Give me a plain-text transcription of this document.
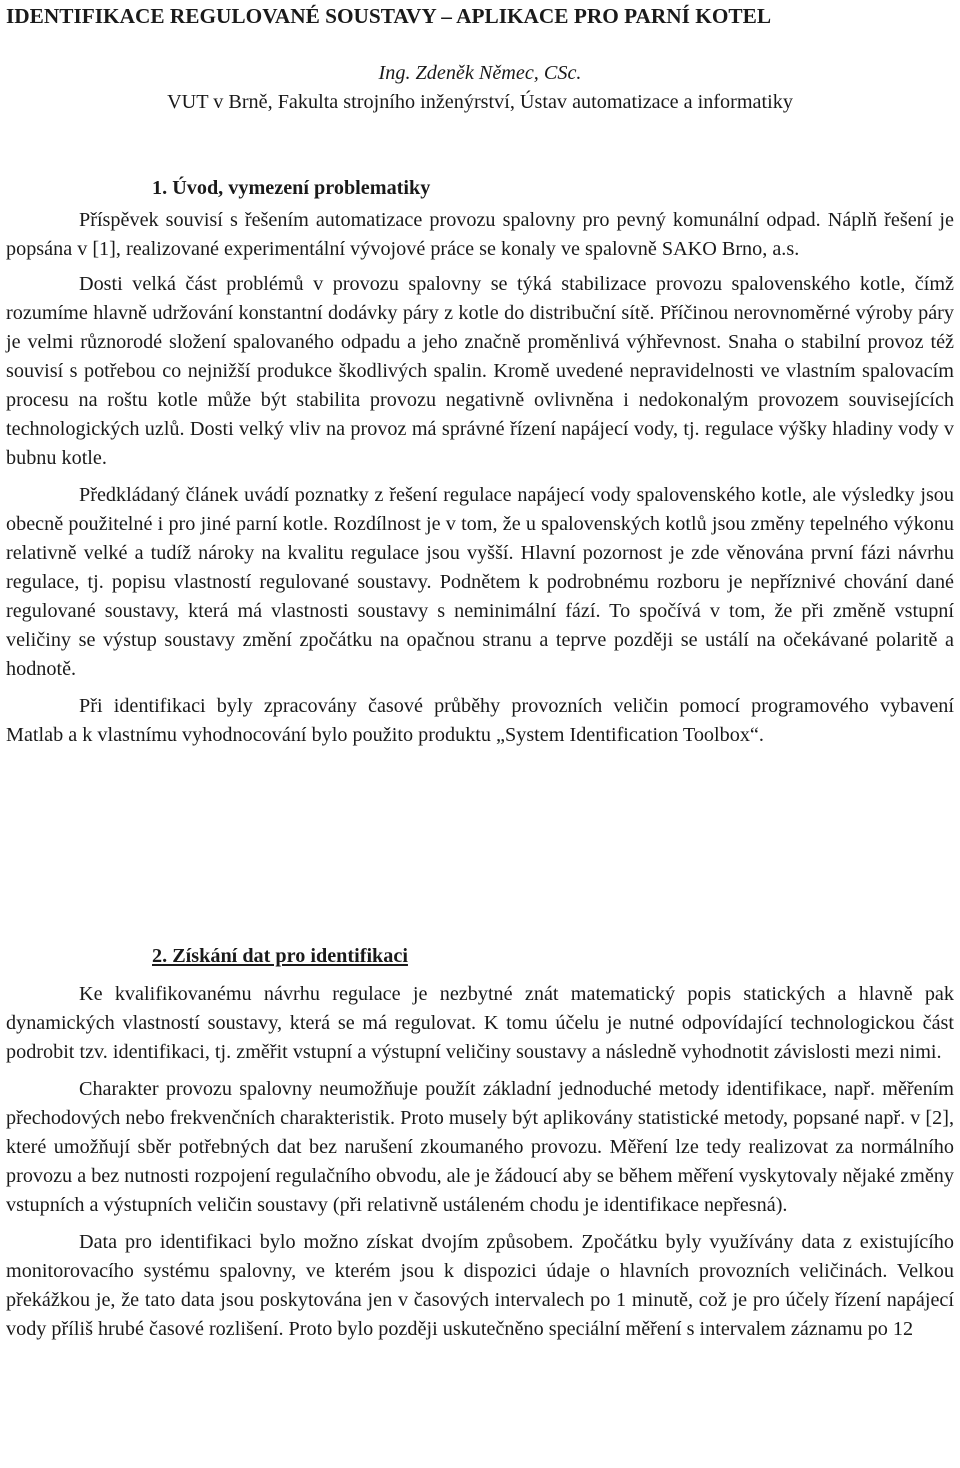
IDENTIFIKACE REGULOVANÉ SOUSTAVY – APLIKACE PRO PARNÍ KOTEL
Ing. Zdeněk Němec, CSc.
VUT v Brně, Fakulta strojního inženýrství, Ústav automatizace a informatiky
1. Úvod, vymezení problematiky

Příspěvek souvisí s řešením automatizace provozu spalovny pro pevný komunální odpad. Náplň řešení je popsána v [1], realizované experimentální vývojové práce se konaly ve spalovně SAKO Brno, a.s.

Dosti velká část problémů v provozu spalovny se týká stabilizace provozu spalovenského kotle, čímž rozumíme hlavně udržování konstantní dodávky páry z kotle do distribuční sítě. Příčinou nerovnoměrné výroby páry je velmi různorodé složení spalovaného odpadu a jeho značně proměnlivá výhřevnost. Snaha o stabilní provoz též souvisí s potřebou co nejnižší produkce škodlivých spalin. Kromě uvedené nepravidelnosti ve vlastním spalovacím procesu na roštu kotle může být stabilita provozu negativně ovlivněna i nedokonalým provozem souvisejících technologických uzlů. Dosti velký vliv na provoz má správné řízení napájecí vody, tj. regulace výšky hladiny vody v bubnu kotle.

Předkládaný článek uvádí poznatky z řešení regulace napájecí vody spalovenského kotle, ale výsledky jsou obecně použitelné i pro jiné parní kotle. Rozdílnost je v tom, že u spalovenských kotlů jsou změny tepelného výkonu relativně velké a tudíž nároky na kvalitu regulace jsou vyšší. Hlavní pozornost je zde věnována první fázi návrhu regulace, tj. popisu vlastností regulované soustavy. Podnětem k podrobnému rozboru je nepříznivé chování dané regulované soustavy, která má vlastnosti soustavy s neminimální fází. To spočívá v tom, že při změně vstupní veličiny se výstup soustavy změní zpočátku na opačnou stranu a teprve později se ustálí na očekávané polaritě a hodnotě.

Při identifikaci byly zpracovány časové průběhy provozních veličin pomocí programového vybavení Matlab a k vlastnímu vyhodnocování bylo použito produktu „System Identification Toolbox“.

2. Získání dat pro identifikaci

Ke kvalifikovanému návrhu regulace je nezbytné znát matematický popis statických a hlavně pak dynamických vlastností soustavy, která se má regulovat. K tomu účelu je nutné odpovídající technologickou část podrobit tzv. identifikaci, tj. změřit vstupní a výstupní veličiny soustavy a následně vyhodnotit závislosti mezi nimi.

Charakter provozu spalovny neumožňuje použít základní jednoduché metody identifikace, např. měřením přechodových nebo frekvenčních charakteristik. Proto musely být aplikovány statistické metody, popsané např. v [2], které umožňují sběr potřebných dat bez narušení zkoumaného provozu. Měření lze tedy realizovat za normálního provozu a bez nutnosti rozpojení regulačního obvodu, ale je žádoucí aby se během měření vyskytovaly nějaké změny vstupních a výstupních veličin soustavy (při relativně ustáleném chodu je identifikace nepřesná).

Data pro identifikaci bylo možno získat dvojím způsobem. Zpočátku byly využívány data z existujícího monitorovacího systému spalovny, ve kterém jsou k dispozici údaje o hlavních provozních veličinách. Velkou překážkou je, že tato data jsou poskytována jen v časových intervalech po 1 minutě, což je pro účely řízení napájecí vody příliš hrubé časové rozlišení. Proto bylo později uskutečněno speciální měření s intervalem záznamu po 12
